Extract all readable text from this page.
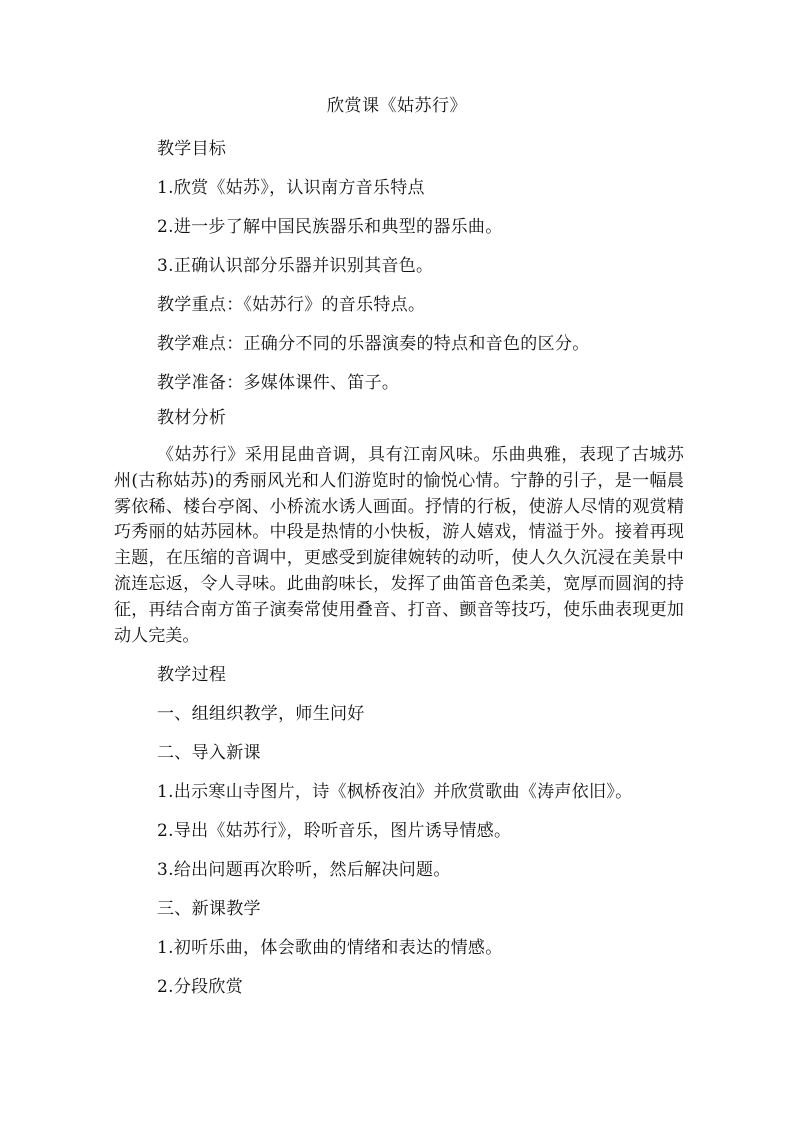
欣赏课《姑苏行》
教学目标
1.欣赏《姑苏》，认识南方音乐特点
2.进一步了解中国民族器乐和典型的器乐曲。
3.正确认识部分乐器并识别其音色。
教学重点：《姑苏行》的音乐特点。
教学难点：正确分不同的乐器演奏的特点和音色的区分。
教学准备：多媒体课件、笛子。
教材分析

《姑苏行》采用昆曲音调，具有江南风味。乐曲典雅，表现了古城苏州(古称姑苏)的秀丽风光和人们游览时的愉悦心情。宁静的引子，是一幅晨雾依稀、楼台亭阁、小桥流水诱人画面。抒情的行板，使游人尽情的观赏精巧秀丽的姑苏园林。中段是热情的小快板，游人嬉戏，情溢于外。接着再现主题，在压缩的音调中，更感受到旋律婉转的动听，使人久久沉浸在美景中流连忘返，令人寻味。此曲韵味长，发挥了曲笛音色柔美，宽厚而圆润的持征，再结合南方笛子演奏常使用叠音、打音、颤音等技巧，使乐曲表现更加动人完美。

教学过程
一、组组织教学，师生问好
二、导入新课
1.出示寒山寺图片，诗《枫桥夜泊》并欣赏歌曲《涛声依旧》。
2.导出《姑苏行》，聆听音乐，图片诱导情感。
3.给出问题再次聆听，然后解决问题。
三、新课教学
1.初听乐曲，体会歌曲的情绪和表达的情感。
2.分段欣赏
